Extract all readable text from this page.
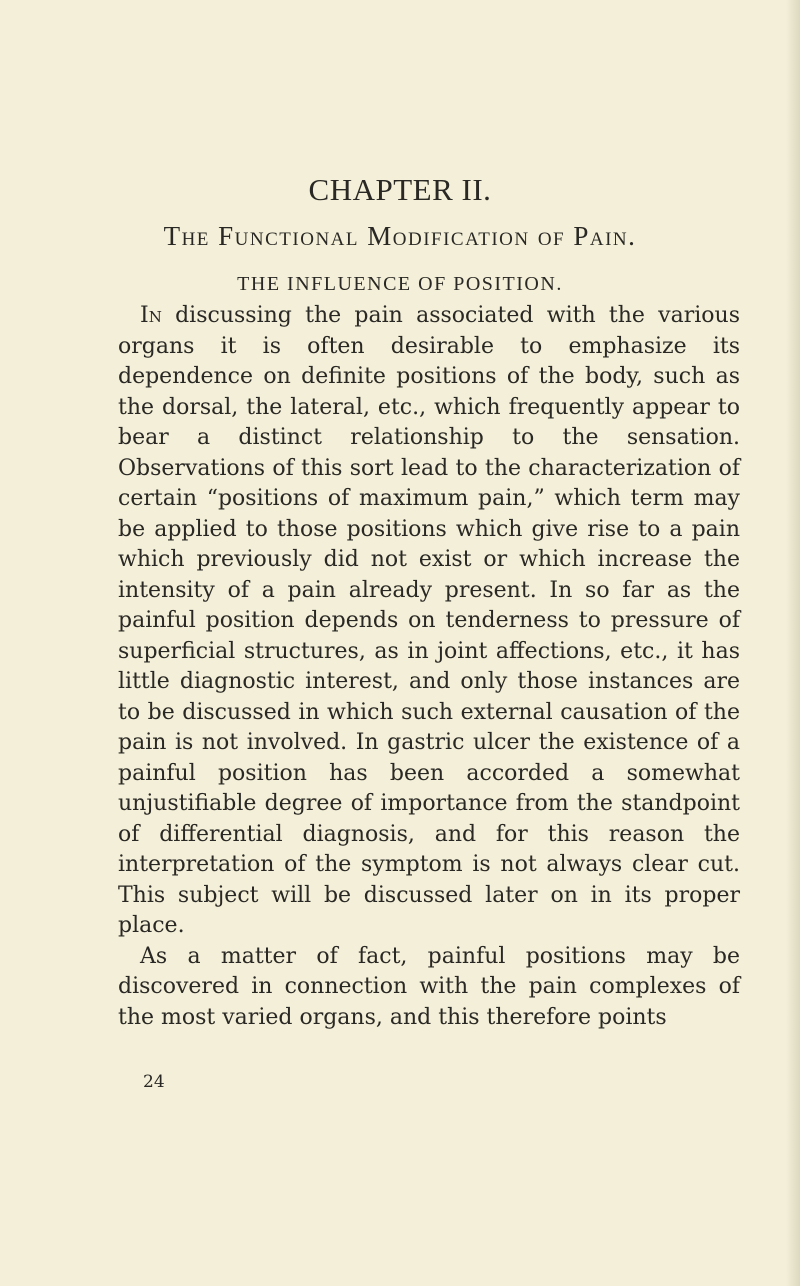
CHAPTER II.
The Functional Modification of Pain.
THE INFLUENCE OF POSITION.

In discussing the pain associated with the various organs it is often desirable to emphasize its dependence on definite positions of the body, such as the dorsal, the lateral, etc., which frequently appear to bear a distinct relationship to the sensation. Observations of this sort lead to the characterization of certain “positions of maximum pain,” which term may be applied to those positions which give rise to a pain which previously did not exist or which increase the intensity of a pain already present. In so far as the painful position depends on tenderness to pressure of superficial structures, as in joint affections, etc., it has little diagnostic interest, and only those instances are to be discussed in which such external causation of the pain is not involved. In gastric ulcer the existence of a painful position has been accorded a somewhat unjustifiable degree of importance from the standpoint of differential diagnosis, and for this reason the interpretation of the symptom is not always clear cut. This subject will be discussed later on in its proper place.

As a matter of fact, painful positions may be discovered in connection with the pain complexes of the most varied organs, and this therefore points

24
